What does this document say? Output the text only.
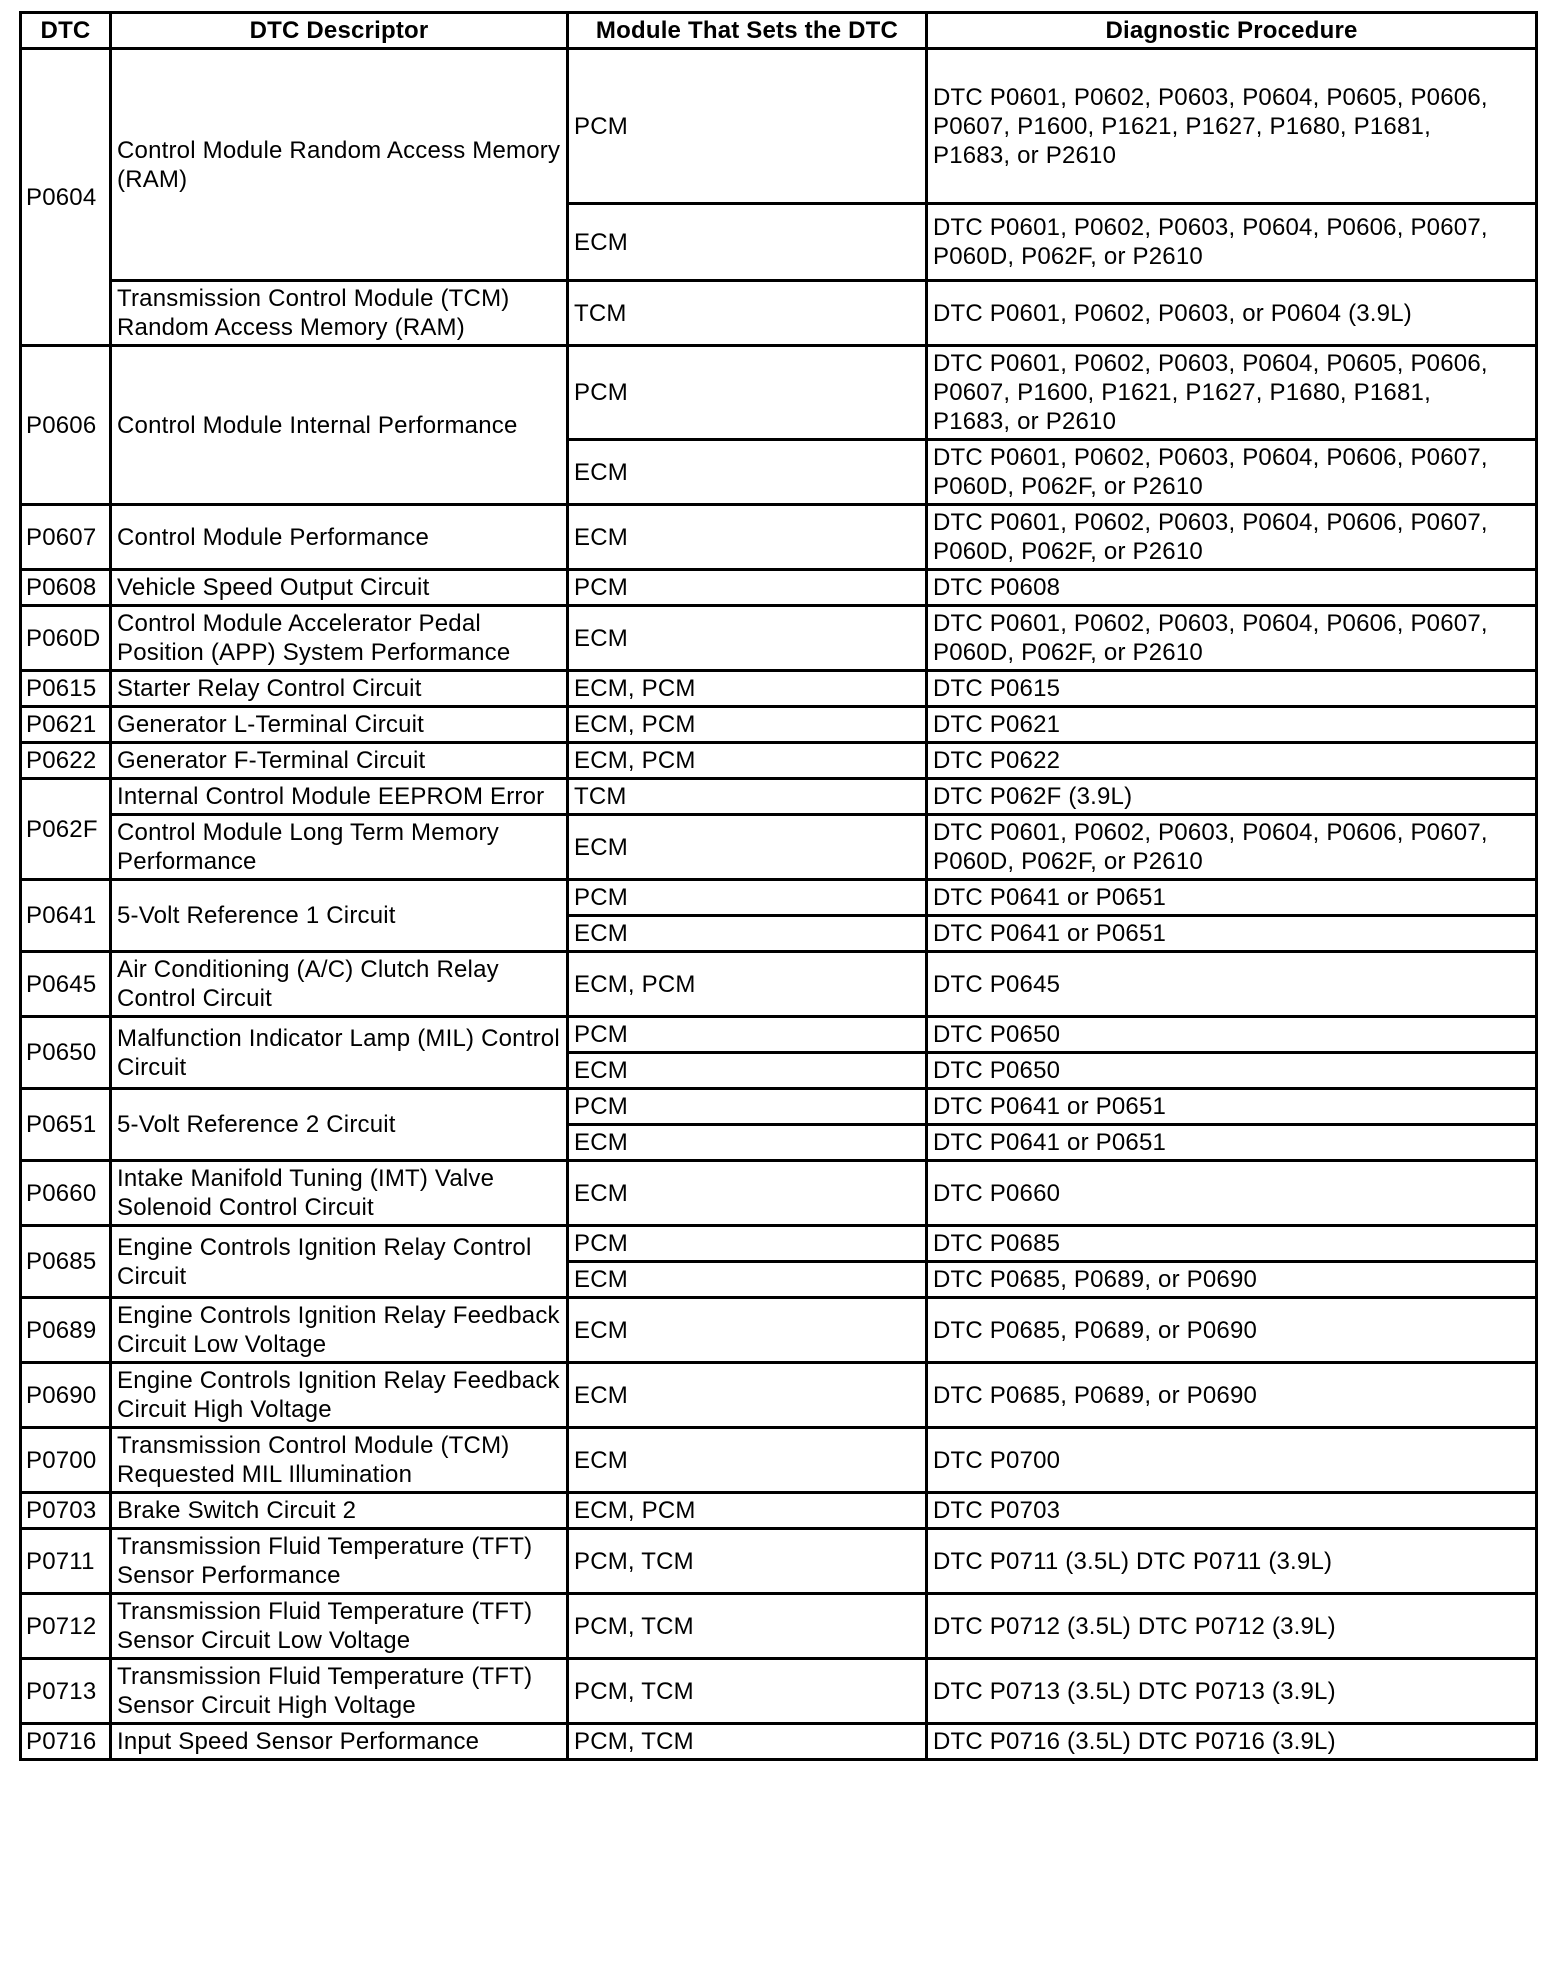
DTC	DTC Descriptor	Module That Sets the DTC	Diagnostic Procedure
P0604	Control Module Random Access Memory (RAM)	PCM	DTC P0601, P0602, P0603, P0604, P0605, P0606,
P0607, P1600, P1621, P1627, P1680, P1681,
P1683, or P2610
		ECM	DTC P0601, P0602, P0603, P0604, P0606, P0607,
P060D, P062F, or P2610
	Transmission Control Module (TCM) Random Access Memory (RAM)	TCM	DTC P0601, P0602, P0603, or P0604 (3.9L)
P0606	Control Module Internal Performance	PCM	DTC P0601, P0602, P0603, P0604, P0605, P0606,
P0607, P1600, P1621, P1627, P1680, P1681,
P1683, or P2610
		ECM	DTC P0601, P0602, P0603, P0604, P0606, P0607,
P060D, P062F, or P2610
P0607	Control Module Performance	ECM	DTC P0601, P0602, P0603, P0604, P0606, P0607,
P060D, P062F, or P2610
P0608	Vehicle Speed Output Circuit	PCM	DTC P0608
P060D	Control Module Accelerator Pedal Position (APP) System Performance	ECM	DTC P0601, P0602, P0603, P0604, P0606, P0607,
P060D, P062F, or P2610
P0615	Starter Relay Control Circuit	ECM, PCM	DTC P0615
P0621	Generator L-Terminal Circuit	ECM, PCM	DTC P0621
P0622	Generator F-Terminal Circuit	ECM, PCM	DTC P0622
P062F	Internal Control Module EEPROM Error	TCM	DTC P062F (3.9L)
	Control Module Long Term Memory Performance	ECM	DTC P0601, P0602, P0603, P0604, P0606, P0607,
P060D, P062F, or P2610
P0641	5-Volt Reference 1 Circuit	PCM	DTC P0641 or P0651
		ECM	DTC P0641 or P0651
P0645	Air Conditioning (A/C) Clutch Relay Control Circuit	ECM, PCM	DTC P0645
P0650	Malfunction Indicator Lamp (MIL) Control Circuit	PCM	DTC P0650
		ECM	DTC P0650
P0651	5-Volt Reference 2 Circuit	PCM	DTC P0641 or P0651
		ECM	DTC P0641 or P0651
P0660	Intake Manifold Tuning (IMT) Valve Solenoid Control Circuit	ECM	DTC P0660
P0685	Engine Controls Ignition Relay Control Circuit	PCM	DTC P0685
		ECM	DTC P0685, P0689, or P0690
P0689	Engine Controls Ignition Relay Feedback Circuit Low Voltage	ECM	DTC P0685, P0689, or P0690
P0690	Engine Controls Ignition Relay Feedback Circuit High Voltage	ECM	DTC P0685, P0689, or P0690
P0700	Transmission Control Module (TCM) Requested MIL Illumination	ECM	DTC P0700
P0703	Brake Switch Circuit 2	ECM, PCM	DTC P0703
P0711	Transmission Fluid Temperature (TFT) Sensor Performance	PCM, TCM	DTC P0711 (3.5L) DTC P0711 (3.9L)
P0712	Transmission Fluid Temperature (TFT) Sensor Circuit Low Voltage	PCM, TCM	DTC P0712 (3.5L) DTC P0712 (3.9L)
P0713	Transmission Fluid Temperature (TFT) Sensor Circuit High Voltage	PCM, TCM	DTC P0713 (3.5L) DTC P0713 (3.9L)
P0716	Input Speed Sensor Performance	PCM, TCM	DTC P0716 (3.5L) DTC P0716 (3.9L)
